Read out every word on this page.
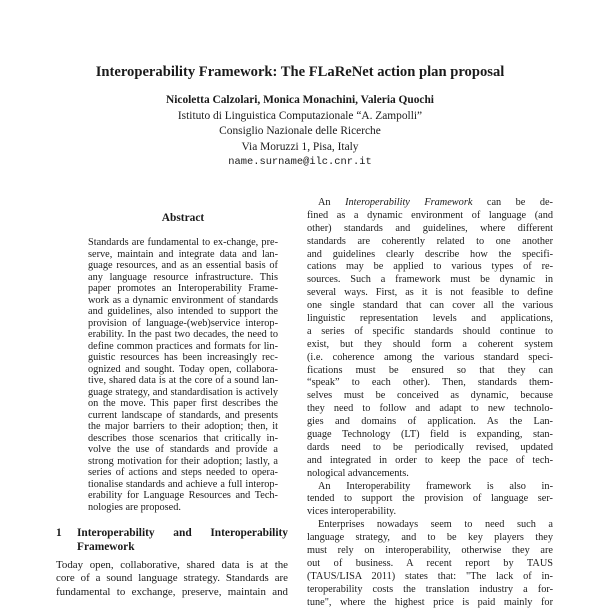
Interoperability Framework: The FLaReNet action plan proposal
Nicoletta Calzolari, Monica Monachini, Valeria Quochi
Istituto di Linguistica Computazionale “A. Zampolli”
Consiglio Nazionale delle Ricerche
Via Moruzzi 1, Pisa, Italy
name.surname@ilc.cnr.it
Abstract
Standards are fundamental to ex-change, pre-
serve, maintain and integrate data and lan-
guage resources, and as an essential basis of
any language resource infrastructure. This
paper promotes an Interoperability Frame-
work as a dynamic environment of standards
and guidelines, also intended to support the
provision of language-(web)service interop-
erability. In the past two decades, the need to
define common practices and formats for lin-
guistic resources has been increasingly rec-
ognized and sought. Today open, collabora-
tive, shared data is at the core of a sound lan-
guage strategy, and standardisation is actively
on the move. This paper first describes the
current landscape of standards, and presents
the major barriers to their adoption; then, it
describes those scenarios that critically in-
volve the use of standards and provide a
strong motivation for their adoption; lastly, a
series of actions and steps needed to opera-
tionalise standards and achieve a full interop-
erability for Language Resources and Tech-
nologies are proposed.
1 Interoperability and Interoperability
Framework
Today open, collaborative, shared data is at the
core of a sound language strategy. Standards are
fundamental to exchange, preserve, maintain and
An Interoperability Framework can be de-
fined as a dynamic environment of language (and
other) standards and guidelines, where different
standards are coherently related to one another
and guidelines clearly describe how the specifi-
cations may be applied to various types of re-
sources. Such a framework must be dynamic in
several ways. First, as it is not feasible to define
one single standard that can cover all the various
linguistic representation levels and applications,
a series of specific standards should continue to
exist, but they should form a coherent system
(i.e. coherence among the various standard speci-
fications must be ensured so that they can
“speak” to each other). Then, standards them-
selves must be conceived as dynamic, because
they need to follow and adapt to new technolo-
gies and domains of application. As the Lan-
guage Technology (LT) field is expanding, stan-
dards need to be periodically revised, updated
and integrated in order to keep the pace of tech-
nological advancements.
An Interoperability framework is also in-
tended to support the provision of language ser-
vices interoperability.
Enterprises nowadays seem to need such a
language strategy, and to be key players they
must rely on interoperability, otherwise they are
out of business. A recent report by TAUS
(TAUS/LISA 2011) states that: "The lack of in-
teroperability costs the translation industry a for-
tune", where the highest price is paid mainly for
